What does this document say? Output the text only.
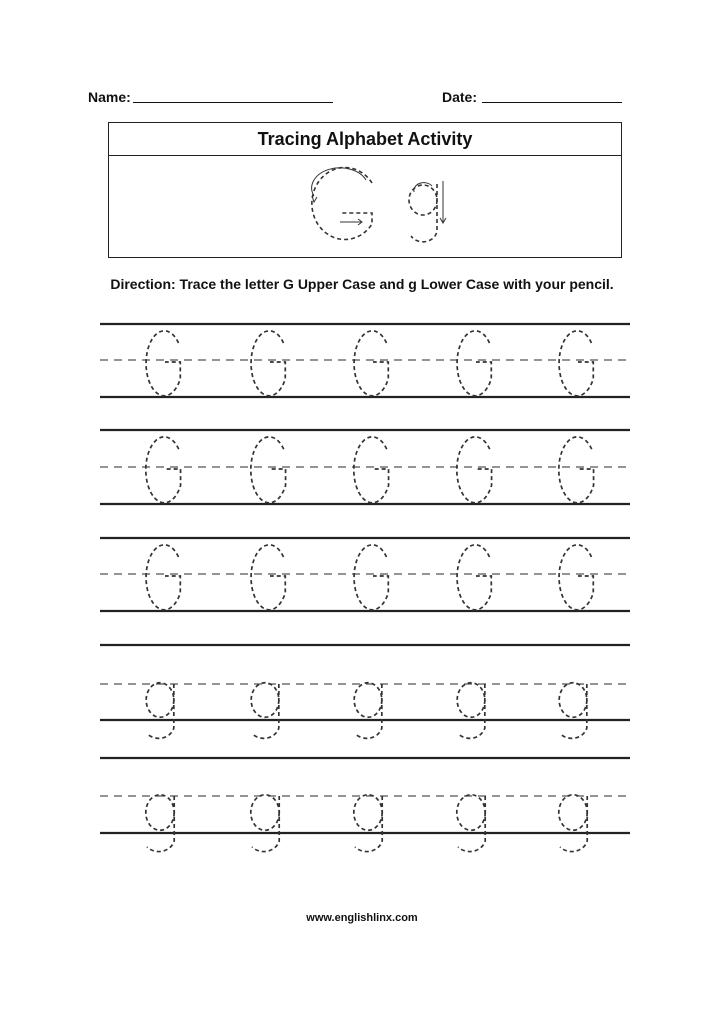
Name:	Date:
Tracing Alphabet Activity
Direction: Trace the letter G Upper Case and g Lower Case with your pencil.
www.englishlinx.com
